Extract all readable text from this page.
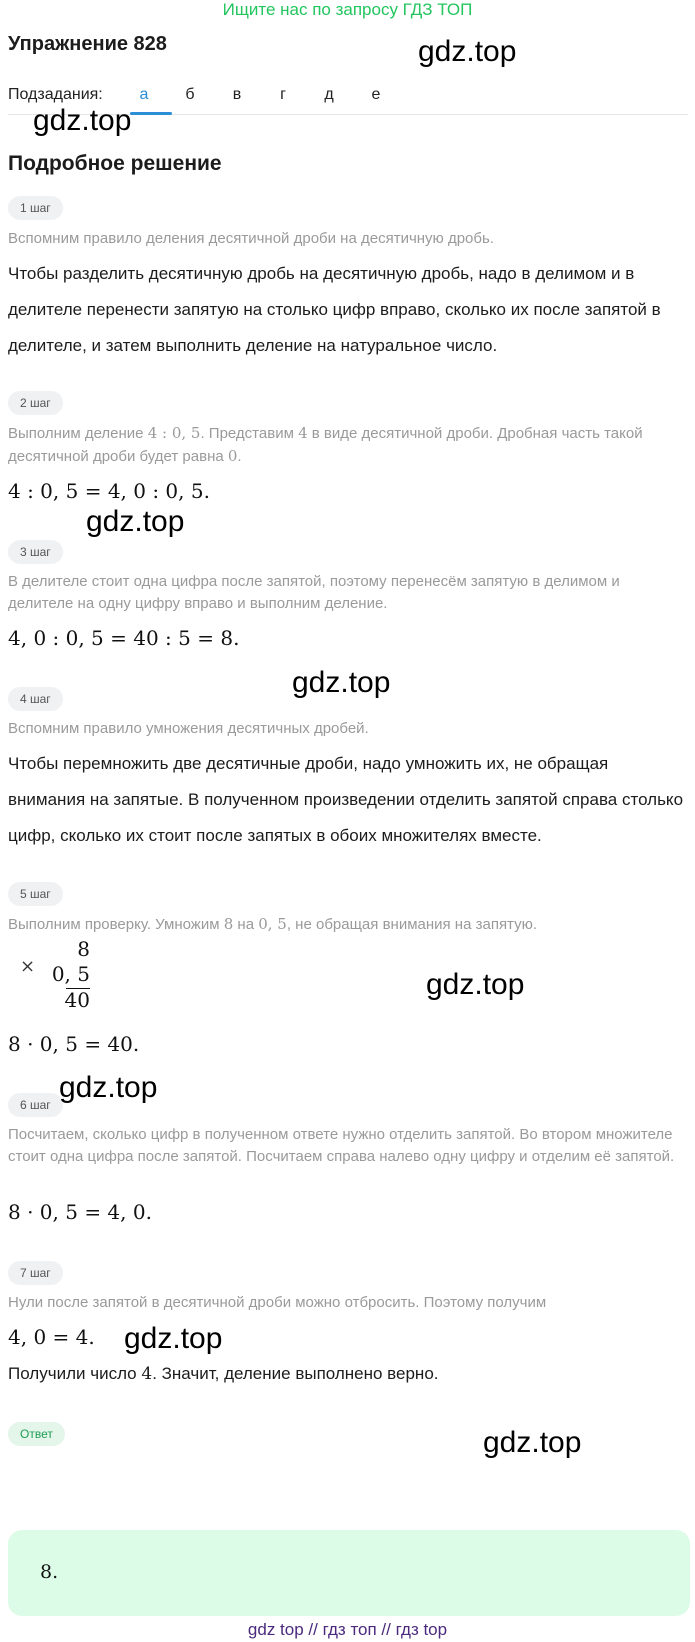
Ищите нас по запросу ГДЗ ТОП
Упражнение 828
Подзадания:	а	б	в	г	д	е
Подробное решение
1 шаг
Вспомним правило деления десятичной дроби на десятичную дробь.
Чтобы разделить десятичную дробь на десятичную дробь, надо в делимом и в делителе перенести запятую на столько цифр вправо, сколько их после запятой в делителе, и затем выполнить деление на натуральное число.
2 шаг
Выполним деление 4 : 0, 5. Представим 4 в виде десятичной дроби. Дробная часть такой десятичной дроби будет равна 0.
4 : 0, 5 = 4, 0 : 0, 5.
3 шаг
В делителе стоит одна цифра после запятой, поэтому перенесём запятую в делимом и делителе на одну цифру вправо и выполним деление.
4, 0 : 0, 5 = 40 : 5 = 8.
4 шаг
Вспомним правило умножения десятичных дробей.
Чтобы перемножить две десятичные дроби, надо умножить их, не обращая внимания на запятые. В полученном произведении отделить запятой справа столько цифр, сколько их стоит после запятых в обоих множителях вместе.
5 шаг
Выполним проверку. Умножим 8 на 0, 5, не обращая внимания на запятую.
×
8
0, 5
40
8 · 0, 5 = 40.
6 шаг
Посчитаем, сколько цифр в полученном ответе нужно отделить запятой. Во втором множителе стоит одна цифра после запятой. Посчитаем справа налево одну цифру и отделим её запятой.
8 · 0, 5 = 4, 0.
7 шаг
Нули после запятой в десятичной дроби можно отбросить. Поэтому получим
4, 0 = 4.
Получили число 4. Значит, деление выполнено верно.
Ответ
8.
gdz.top
gdz.top
gdz.top
gdz.top
gdz.top
gdz.top
gdz.top
gdz.top
gdz top // гдз топ // гдз top
